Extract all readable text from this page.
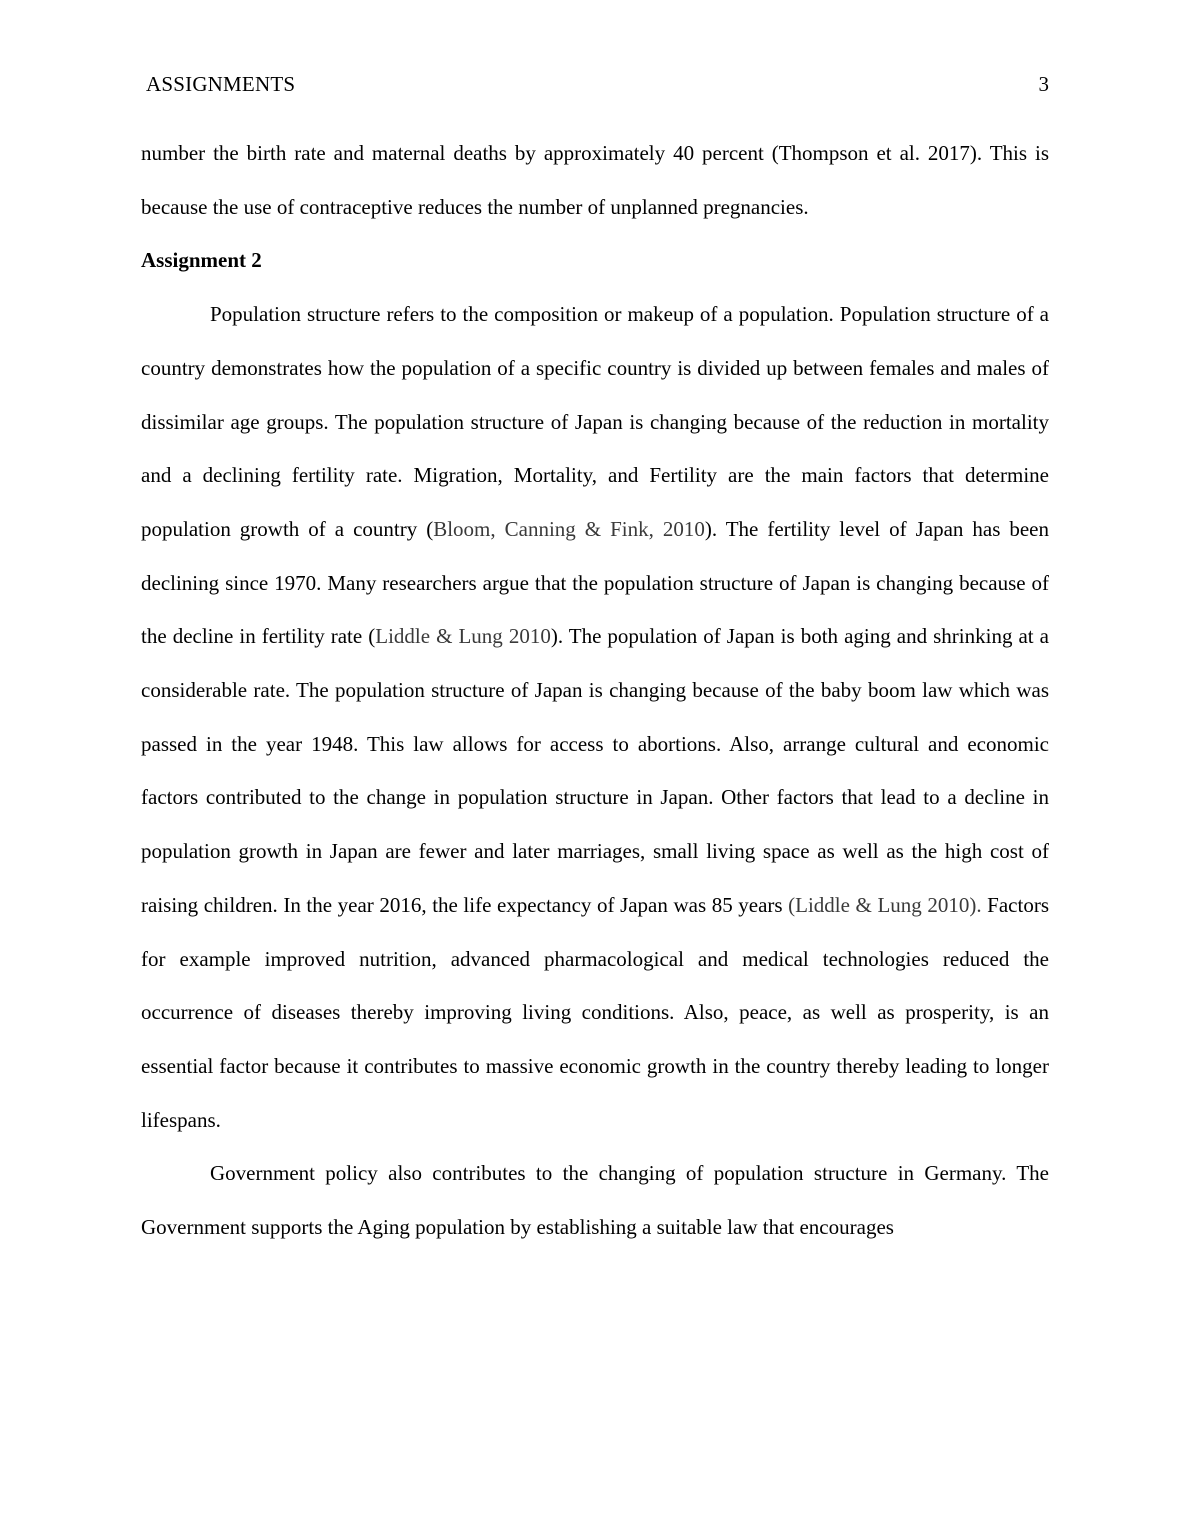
ASSIGNMENTS	3

number the birth rate and maternal deaths by approximately 40 percent (Thompson et al. 2017). This is because the use of contraceptive reduces the number of unplanned pregnancies.

Assignment 2

Population structure refers to the composition or makeup of a population. Population structure of a country demonstrates how the population of a specific country is divided up between females and males of dissimilar age groups. The population structure of Japan is changing because of the reduction in mortality and a declining fertility rate. Migration, Mortality, and Fertility are the main factors that determine population growth of a country (Bloom, Canning & Fink, 2010). The fertility level of Japan has been declining since 1970. Many researchers argue that the population structure of Japan is changing because of the decline in fertility rate (Liddle & Lung 2010). The population of Japan is both aging and shrinking at a considerable rate. The population structure of Japan is changing because of the baby boom law which was passed in the year 1948. This law allows for access to abortions. Also, arrange cultural and economic factors contributed to the change in population structure in Japan. Other factors that lead to a decline in population growth in Japan are fewer and later marriages, small living space as well as the high cost of raising children. In the year 2016, the life expectancy of Japan was 85 years (Liddle & Lung 2010). Factors for example improved nutrition, advanced pharmacological and medical technologies reduced the occurrence of diseases thereby improving living conditions. Also, peace, as well as prosperity, is an essential factor because it contributes to massive economic growth in the country thereby leading to longer lifespans.

Government policy also contributes to the changing of population structure in Germany. The Government supports the Aging population by establishing a suitable law that encourages
